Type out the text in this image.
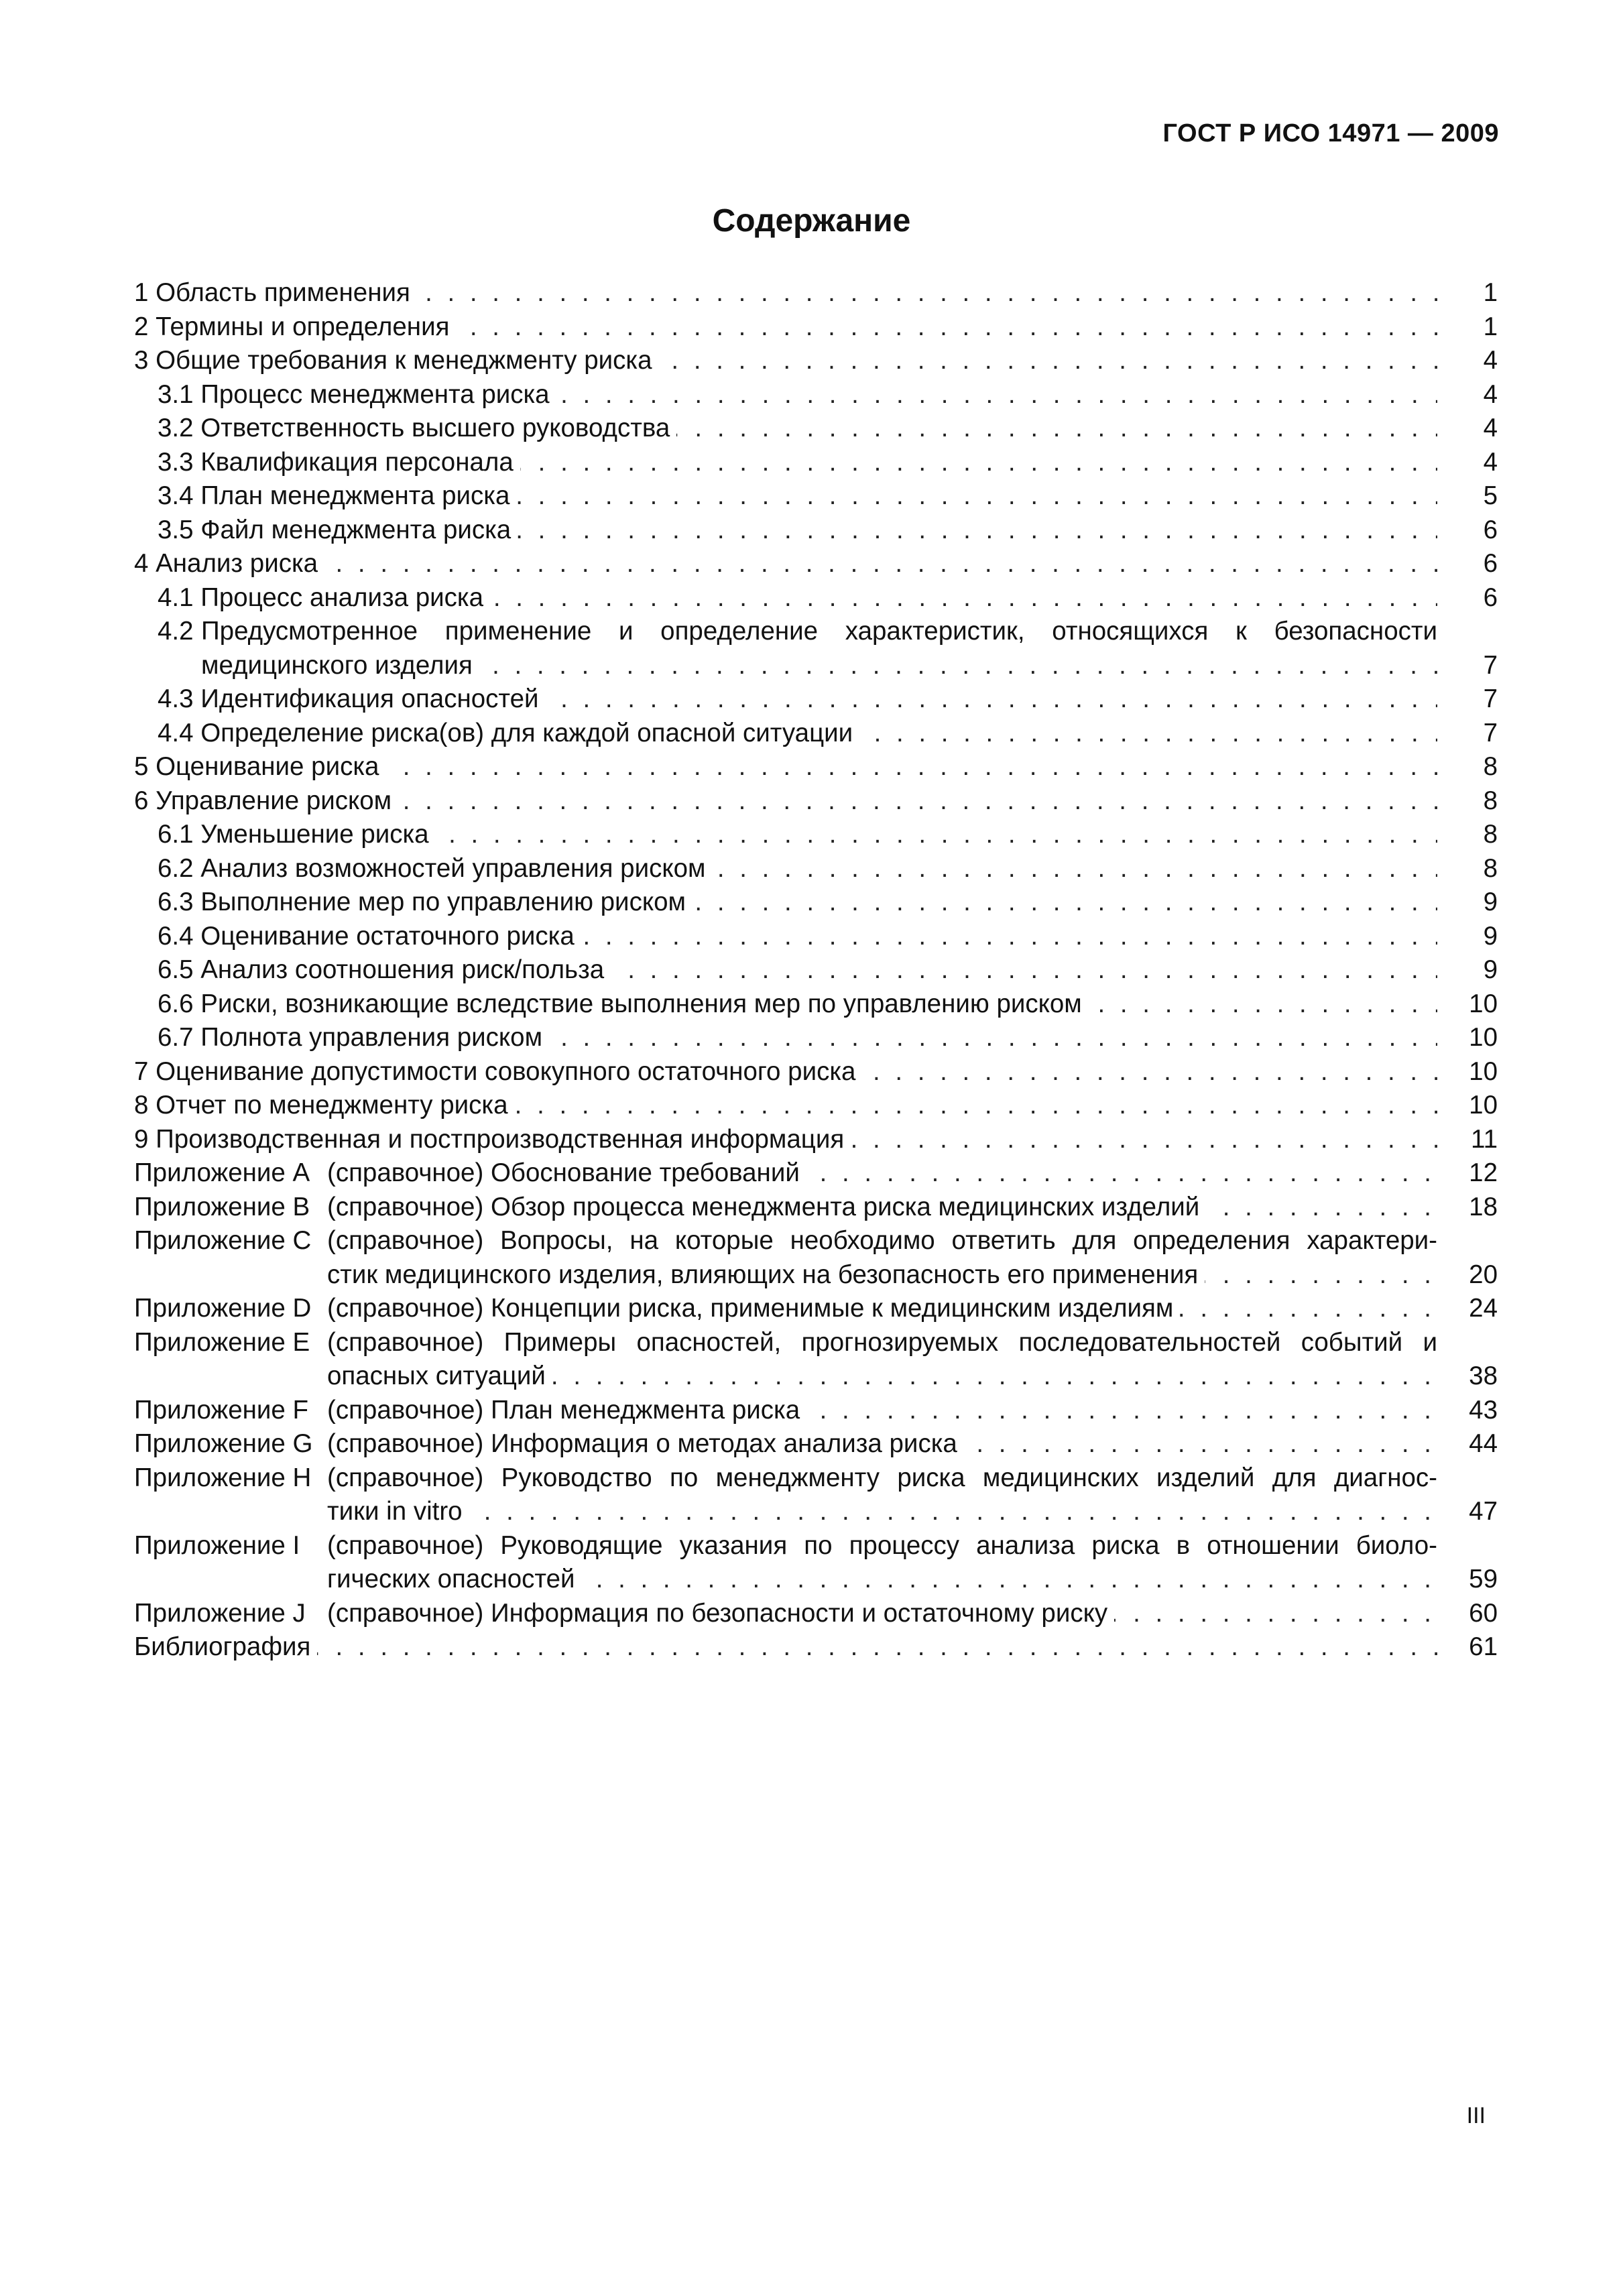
ГОСТ Р ИСО 14971 — 2009
Содержание
1 Область применения . . .	1
2 Термины и определения . . .	1
3 Общие требования к менеджменту риска . . .	4
3.1 Процесс менеджмента риска . . .	4
3.2 Ответственность высшего руководства . . .	4
3.3 Квалификация персонала . . .	4
3.4 План менеджмента риска . . .	5
3.5 Файл менеджмента риска . . .	6
4 Анализ риска . . .	6
4.1 Процесс анализа риска . . .	6
4.2 Предусмотренное применение и определение характеристик, относящихся к безопасности
медицинского изделия . . .	7
4.3 Идентификация опасностей . . .	7
4.4 Определение риска(ов) для каждой опасной ситуации . . .	7
5 Оценивание риска . . .	8
6 Управление риском . . .	8
6.1 Уменьшение риска . . .	8
6.2 Анализ возможностей управления риском . . .	8
6.3 Выполнение мер по управлению риском . . .	9
6.4 Оценивание остаточного риска . . .	9
6.5 Анализ соотношения риск/польза . . .	9
6.6 Риски, возникающие вследствие выполнения мер по управлению риском . . .	10
6.7 Полнота управления риском . . .	10
7 Оценивание допустимости совокупного остаточного риска . . .	10
8 Отчет по менеджменту риска . . .	10
9 Производственная и постпроизводственная информация . . .	11
Приложение А (справочное) Обоснование требований . . .	12
Приложение В (справочное) Обзор процесса менеджмента риска медицинских изделий . . .	18
Приложение С (справочное) Вопросы, на которые необходимо ответить для определения характери-
стик медицинского изделия, влияющих на безопасность его применения . . .	20
Приложение D (справочное) Концепции риска, применимые к медицинским изделиям . . .	24
Приложение Е (справочное) Примеры опасностей, прогнозируемых последовательностей событий и
опасных ситуаций . . .	38
Приложение F (справочное) План менеджмента риска . . .	43
Приложение G (справочное) Информация о методах анализа риска . . .	44
Приложение Н (справочное) Руководство по менеджменту риска медицинских изделий для диагнос-
тики in vitro . . .	47
Приложение I (справочное) Руководящие указания по процессу анализа риска в отношении биоло-
гических опасностей . . .	59
Приложение J (справочное) Информация по безопасности и остаточному риску . . .	60
Библиография . . .	61
III
